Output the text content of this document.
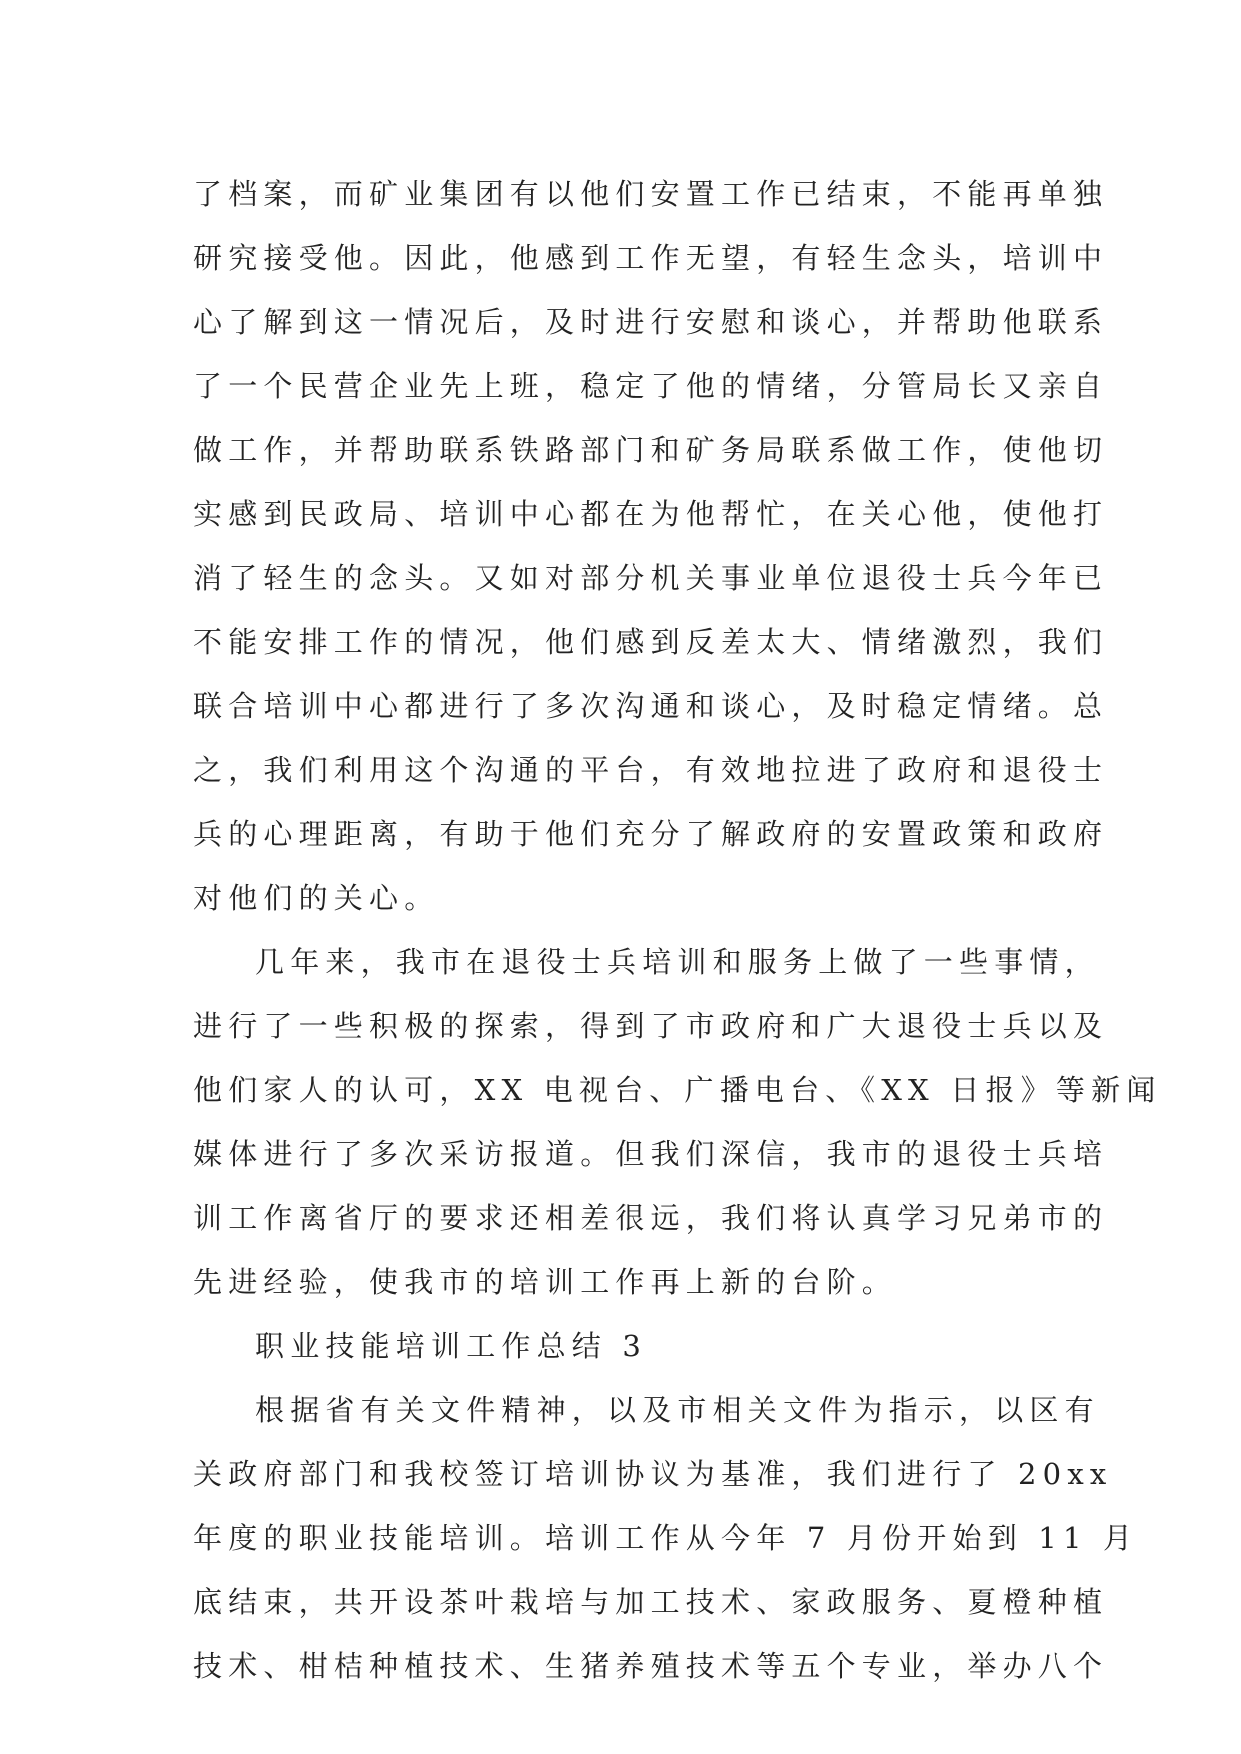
了档案，而矿业集团有以他们安置工作已结束，不能再单独
研究接受他。因此，他感到工作无望，有轻生念头，培训中
心了解到这一情况后，及时进行安慰和谈心，并帮助他联系
了一个民营企业先上班，稳定了他的情绪，分管局长又亲自
做工作，并帮助联系铁路部门和矿务局联系做工作，使他切
实感到民政局、培训中心都在为他帮忙，在关心他，使他打
消了轻生的念头。又如对部分机关事业单位退役士兵今年已
不能安排工作的情况，他们感到反差太大、情绪激烈，我们
联合培训中心都进行了多次沟通和谈心，及时稳定情绪。总
之，我们利用这个沟通的平台，有效地拉进了政府和退役士
兵的心理距离，有助于他们充分了解政府的安置政策和政府
对他们的关心。
几年来，我市在退役士兵培训和服务上做了一些事情，
进行了一些积极的探索，得到了市政府和广大退役士兵以及
他们家人的认可，XX 电视台、广播电台、《XX 日报》等新闻
媒体进行了多次采访报道。但我们深信，我市的退役士兵培
训工作离省厅的要求还相差很远，我们将认真学习兄弟市的
先进经验，使我市的培训工作再上新的台阶。
职业技能培训工作总结 3
根据省有关文件精神，以及市相关文件为指示，以区有
关政府部门和我校签订培训协议为基准，我们进行了 20xx
年度的职业技能培训。培训工作从今年 7 月份开始到 11 月
底结束，共开设茶叶栽培与加工技术、家政服务、夏橙种植
技术、柑桔种植技术、生猪养殖技术等五个专业，举办八个
